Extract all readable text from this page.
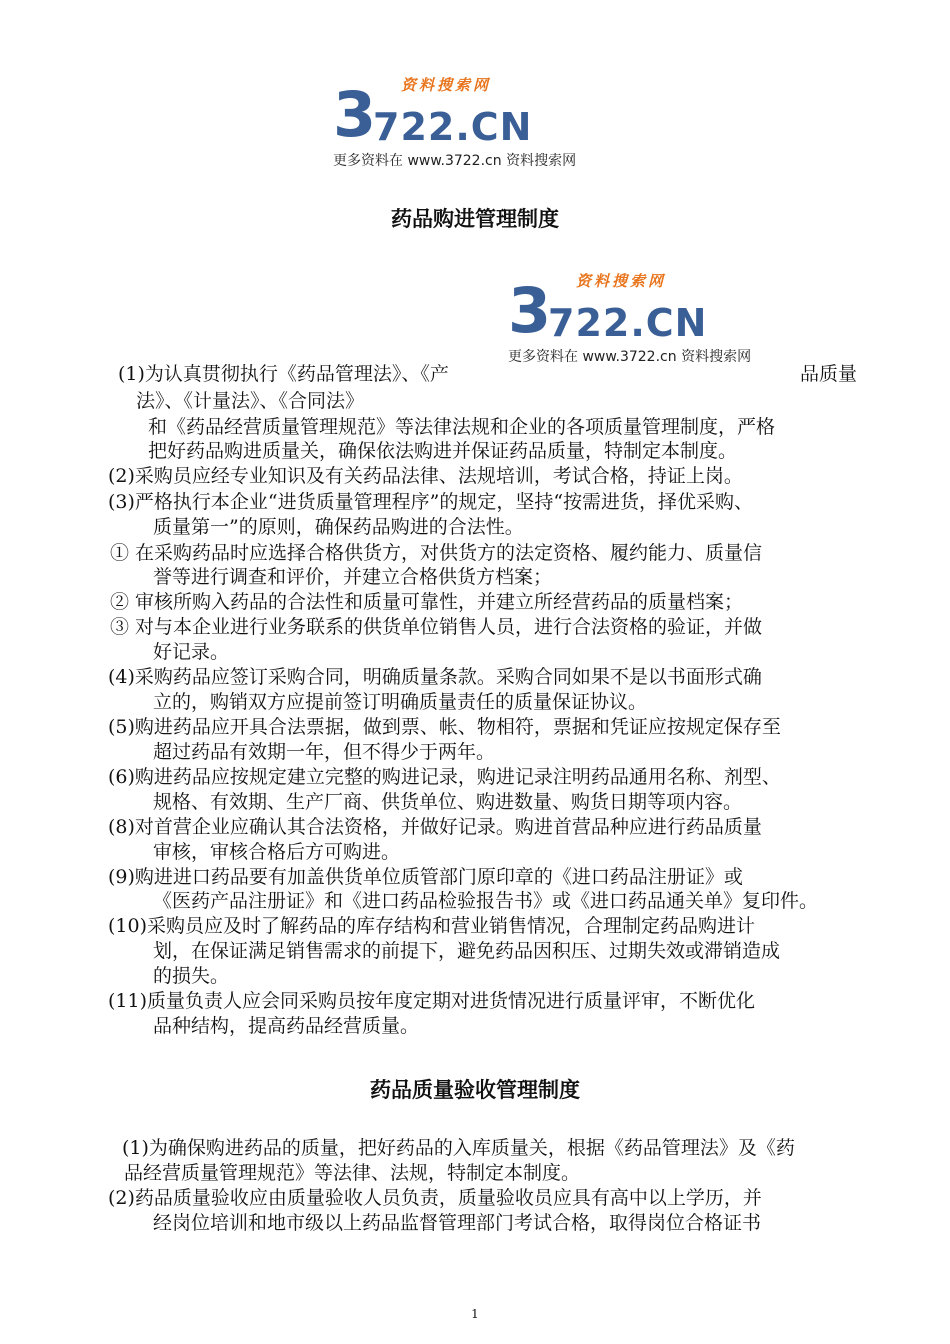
资料搜索网
3
722.CN
更多资料在 www.3722.cn 资料搜索网
药品购进管理制度
资料搜索网
3
722.CN
更多资料在 www.3722.cn 资料搜索网
(1)为认真贯彻执行《药品管理法》、《产	品质量
法》、《计量法》、《合同法》
和《药品经营质量管理规范》等法律法规和企业的各项质量管理制度，严格
把好药品购进质量关，确保依法购进并保证药品质量，特制定本制度。
(2)采购员应经专业知识及有关药品法律、法规培训，考试合格，持证上岗。
(3)严格执行本企业“进货质量管理程序”的规定，坚持“按需进货，择优采购、
质量第一”的原则，确保药品购进的合法性。
① 在采购药品时应选择合格供货方，对供货方的法定资格、履约能力、质量信
誉等进行调查和评价，并建立合格供货方档案；
② 审核所购入药品的合法性和质量可靠性，并建立所经营药品的质量档案；
③ 对与本企业进行业务联系的供货单位销售人员，进行合法资格的验证，并做
好记录。
(4)采购药品应签订采购合同，明确质量条款。采购合同如果不是以书面形式确
立的，购销双方应提前签订明确质量责任的质量保证协议。
(5)购进药品应开具合法票据，做到票、帐、物相符，票据和凭证应按规定保存至
超过药品有效期一年，但不得少于两年。
(6)购进药品应按规定建立完整的购进记录，购进记录注明药品通用名称、剂型、
规格、有效期、生产厂商、供货单位、购进数量、购货日期等项内容。
(8)对首营企业应确认其合法资格，并做好记录。购进首营品种应进行药品质量
审核，审核合格后方可购进。
(9)购进进口药品要有加盖供货单位质管部门原印章的《进口药品注册证》或
《医药产品注册证》和《进口药品检验报告书》或《进口药品通关单》复印件。
(10)采购员应及时了解药品的库存结构和营业销售情况，合理制定药品购进计
划，在保证满足销售需求的前提下，避免药品因积压、过期失效或滞销造成
的损失。
(11)质量负责人应会同采购员按年度定期对进货情况进行质量评审，不断优化
品种结构，提高药品经营质量。
药品质量验收管理制度
(1)为确保购进药品的质量，把好药品的入库质量关，根据《药品管理法》及《药
品经营质量管理规范》等法律、法规，特制定本制度。
(2)药品质量验收应由质量验收人员负责，质量验收员应具有高中以上学历，并
经岗位培训和地市级以上药品监督管理部门考试合格，取得岗位合格证书
1
